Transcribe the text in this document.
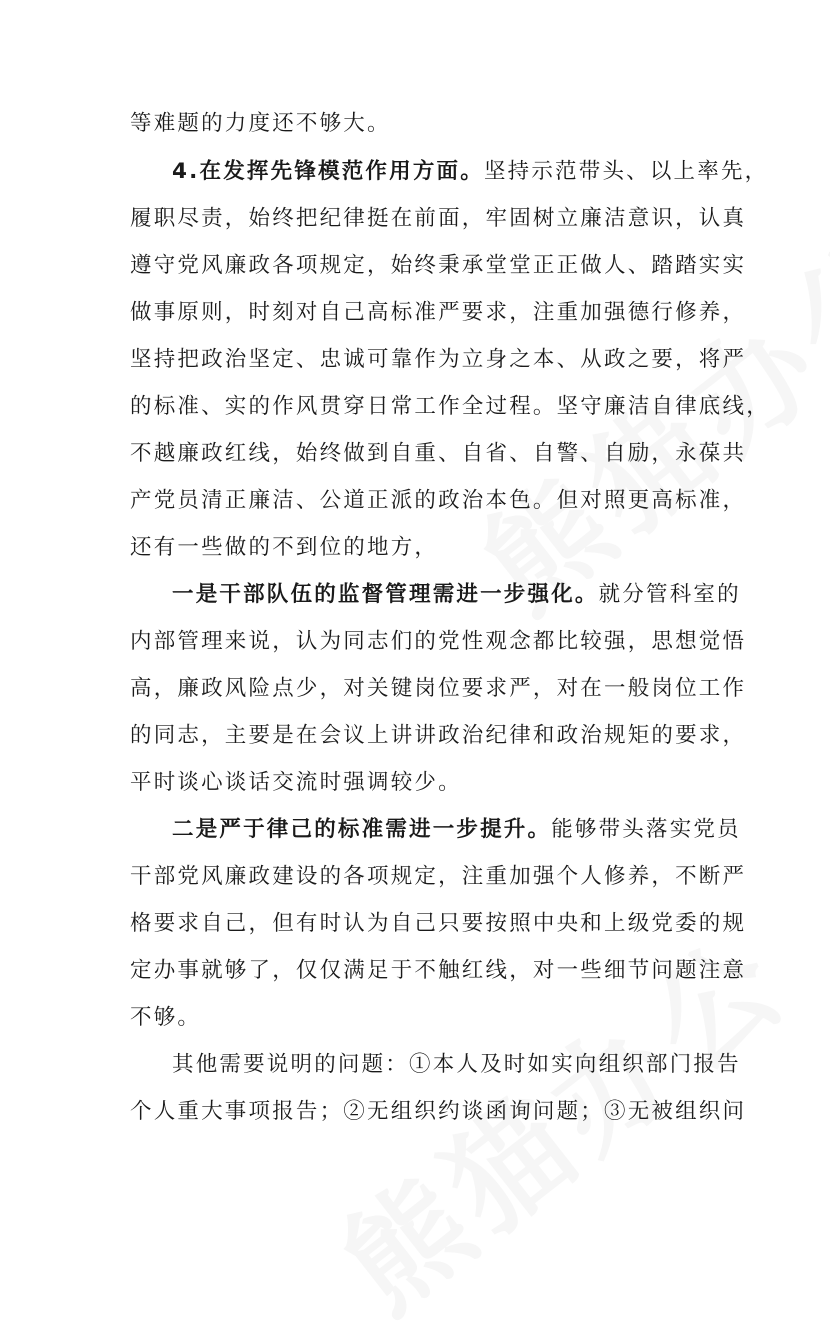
等难题的力度还不够大。
4.在发挥先锋模范作用方面。坚持示范带头、以上率先，
履职尽责，始终把纪律挺在前面，牢固树立廉洁意识，认真
遵守党风廉政各项规定，始终秉承堂堂正正做人、踏踏实实
做事原则，时刻对自己高标准严要求，注重加强德行修养，
坚持把政治坚定、忠诚可靠作为立身之本、从政之要，将严
的标准、实的作风贯穿日常工作全过程。坚守廉洁自律底线，
不越廉政红线，始终做到自重、自省、自警、自励，永葆共
产党员清正廉洁、公道正派的政治本色。但对照更高标准，
还有一些做的不到位的地方，
一是干部队伍的监督管理需进一步强化。就分管科室的
内部管理来说，认为同志们的党性观念都比较强，思想觉悟
高，廉政风险点少，对关键岗位要求严，对在一般岗位工作
的同志，主要是在会议上讲讲政治纪律和政治规矩的要求，
平时谈心谈话交流时强调较少。
二是严于律己的标准需进一步提升。能够带头落实党员
干部党风廉政建设的各项规定，注重加强个人修养，不断严
格要求自己，但有时认为自己只要按照中央和上级党委的规
定办事就够了，仅仅满足于不触红线，对一些细节问题注意
不够。
其他需要说明的问题：①本人及时如实向组织部门报告
个人重大事项报告；②无组织约谈函询问题；③无被组织问
